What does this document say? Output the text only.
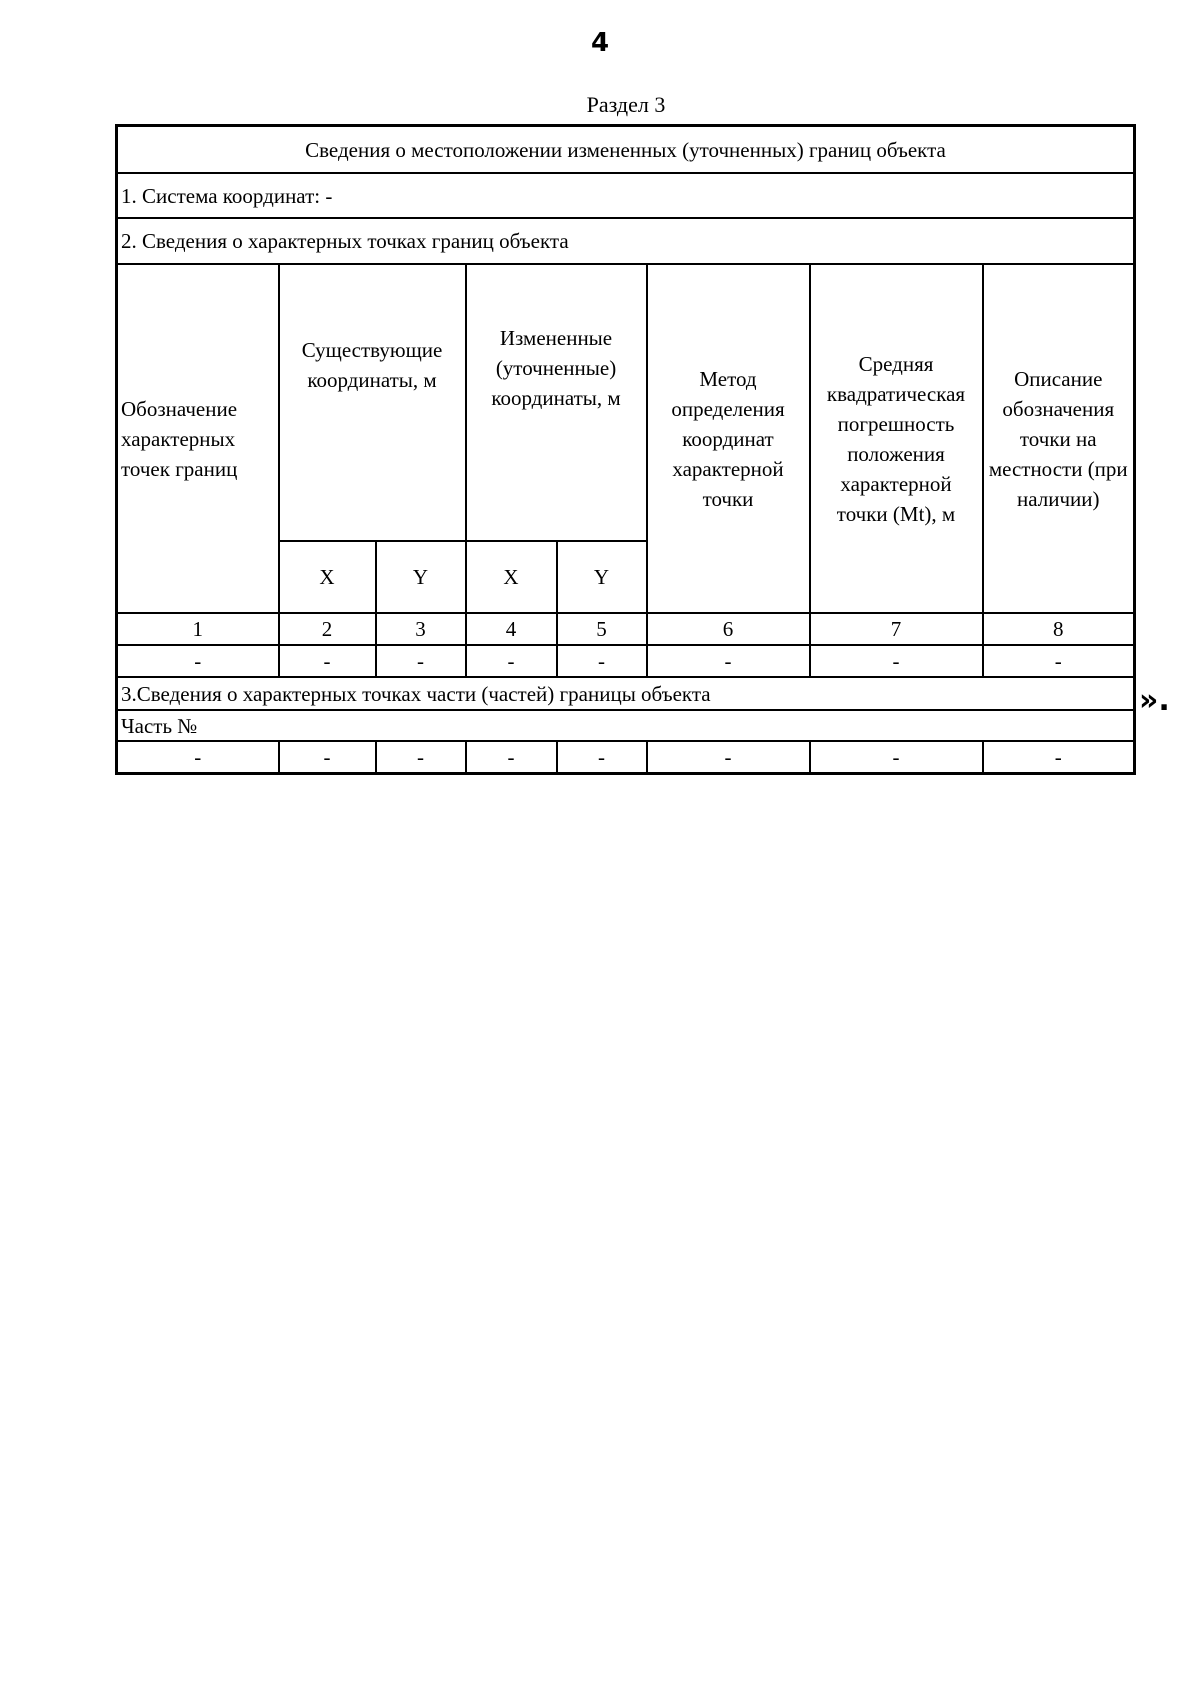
4
Раздел 3
Сведения о местоположении измененных (уточненных) границ объекта							
1. Система координат: -							
2. Сведения о характерных точках границ объекта							
Обозначение характерных точек границ	Существующие координаты, м		Измененные (уточненные) координаты, м		Метод определения координат характерной точки	Средняя квадратическая погрешность положения характерной точки (Mt), м	Описание обозначения точки на местности (при наличии)
	X	Y	X	Y			
1	2	3	4	5	6	7	8
-	-	-	-	-	-	-	-
3.Сведения о характерных точках части (частей) границы объекта							
Часть №							
-	-	-	-	-	-	-	-
».
